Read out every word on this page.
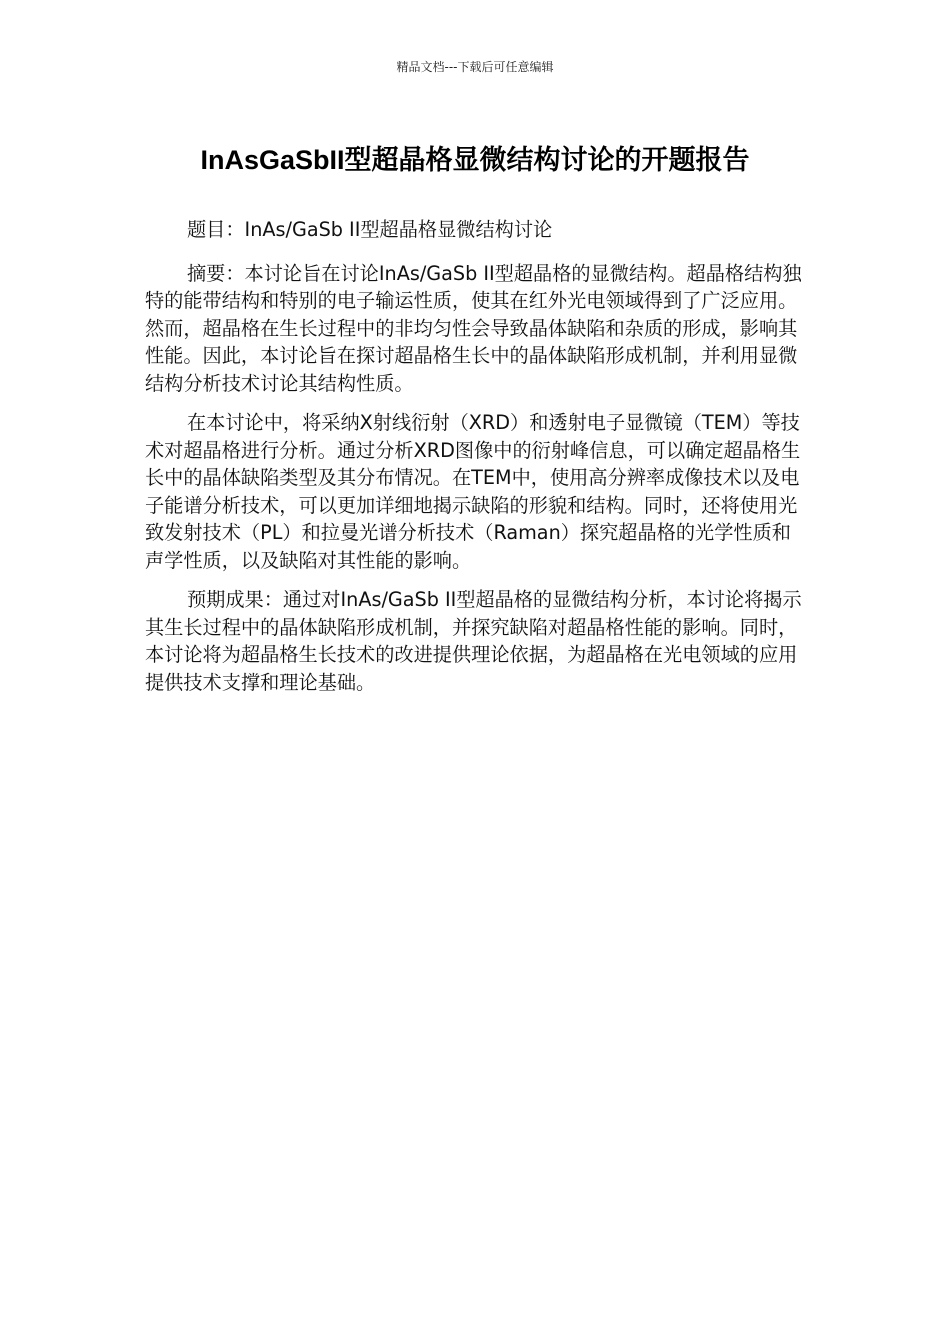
精品文档---下载后可任意编辑
InAsGaSbII型超晶格显微结构讨论的开题报告

题目：InAs/GaSb II型超晶格显微结构讨论

摘要：本讨论旨在讨论InAs/GaSb II型超晶格的显微结构。超晶格结构独特的能带结构和特别的电子输运性质，使其在红外光电领域得到了广泛应用。然而，超晶格在生长过程中的非均匀性会导致晶体缺陷和杂质的形成，影响其性能。因此，本讨论旨在探讨超晶格生长中的晶体缺陷形成机制，并利用显微结构分析技术讨论其结构性质。

在本讨论中，将采纳X射线衍射（XRD）和透射电子显微镜（TEM）等技术对超晶格进行分析。通过分析XRD图像中的衍射峰信息，可以确定超晶格生长中的晶体缺陷类型及其分布情况。在TEM中，使用高分辨率成像技术以及电子能谱分析技术，可以更加详细地揭示缺陷的形貌和结构。同时，还将使用光致发射技术（PL）和拉曼光谱分析技术（Raman）探究超晶格的光学性质和声学性质，以及缺陷对其性能的影响。

预期成果：通过对InAs/GaSb II型超晶格的显微结构分析，本讨论将揭示其生长过程中的晶体缺陷形成机制，并探究缺陷对超晶格性能的影响。同时，本讨论将为超晶格生长技术的改进提供理论依据，为超晶格在光电领域的应用提供技术支撑和理论基础。
